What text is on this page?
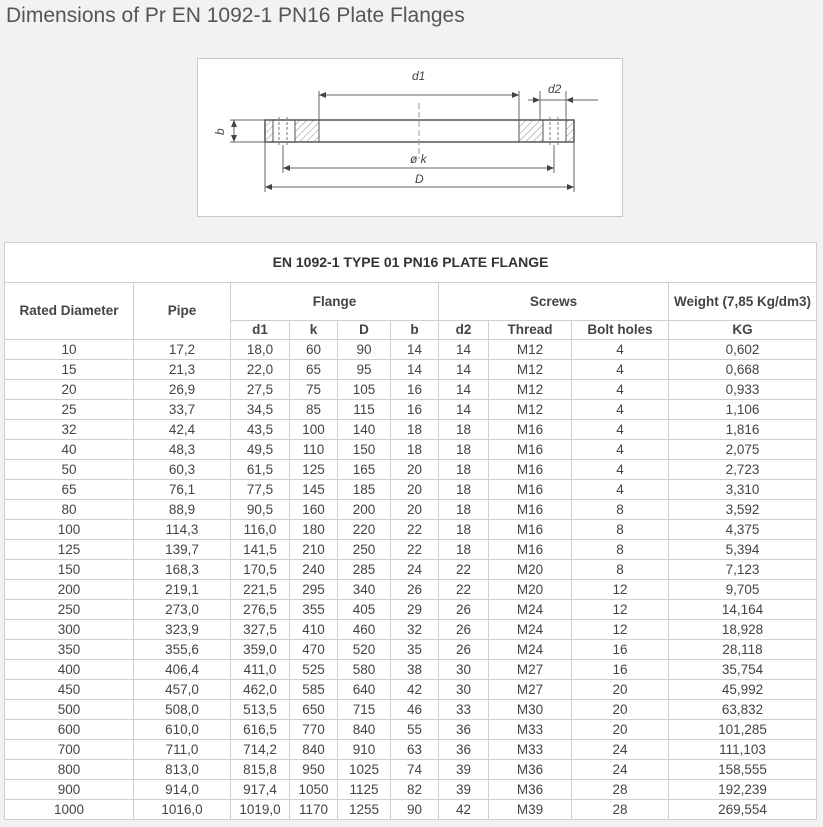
Dimensions of Pr EN 1092-1 PN16 Plate Flanges
d1
d2
b
ø k
D
EN 1092-1 TYPE 01 PN16 PLATE FLANGE									
Rated Diameter	Pipe	Flange				Screws			Weight (7,85 Kg/dm3)
		d1	k	D	b	d2	Thread	Bolt holes	KG
10	17,2	18,0	60	90	14	14	M12	4	0,602
15	21,3	22,0	65	95	14	14	M12	4	0,668
20	26,9	27,5	75	105	16	14	M12	4	0,933
25	33,7	34,5	85	115	16	14	M12	4	1,106
32	42,4	43,5	100	140	18	18	M16	4	1,816
40	48,3	49,5	110	150	18	18	M16	4	2,075
50	60,3	61,5	125	165	20	18	M16	4	2,723
65	76,1	77,5	145	185	20	18	M16	4	3,310
80	88,9	90,5	160	200	20	18	M16	8	3,592
100	114,3	116,0	180	220	22	18	M16	8	4,375
125	139,7	141,5	210	250	22	18	M16	8	5,394
150	168,3	170,5	240	285	24	22	M20	8	7,123
200	219,1	221,5	295	340	26	22	M20	12	9,705
250	273,0	276,5	355	405	29	26	M24	12	14,164
300	323,9	327,5	410	460	32	26	M24	12	18,928
350	355,6	359,0	470	520	35	26	M24	16	28,118
400	406,4	411,0	525	580	38	30	M27	16	35,754
450	457,0	462,0	585	640	42	30	M27	20	45,992
500	508,0	513,5	650	715	46	33	M30	20	63,832
600	610,0	616,5	770	840	55	36	M33	20	101,285
700	711,0	714,2	840	910	63	36	M33	24	111,103
800	813,0	815,8	950	1025	74	39	M36	24	158,555
900	914,0	917,4	1050	1125	82	39	M36	28	192,239
1000	1016,0	1019,0	1170	1255	90	42	M39	28	269,554
